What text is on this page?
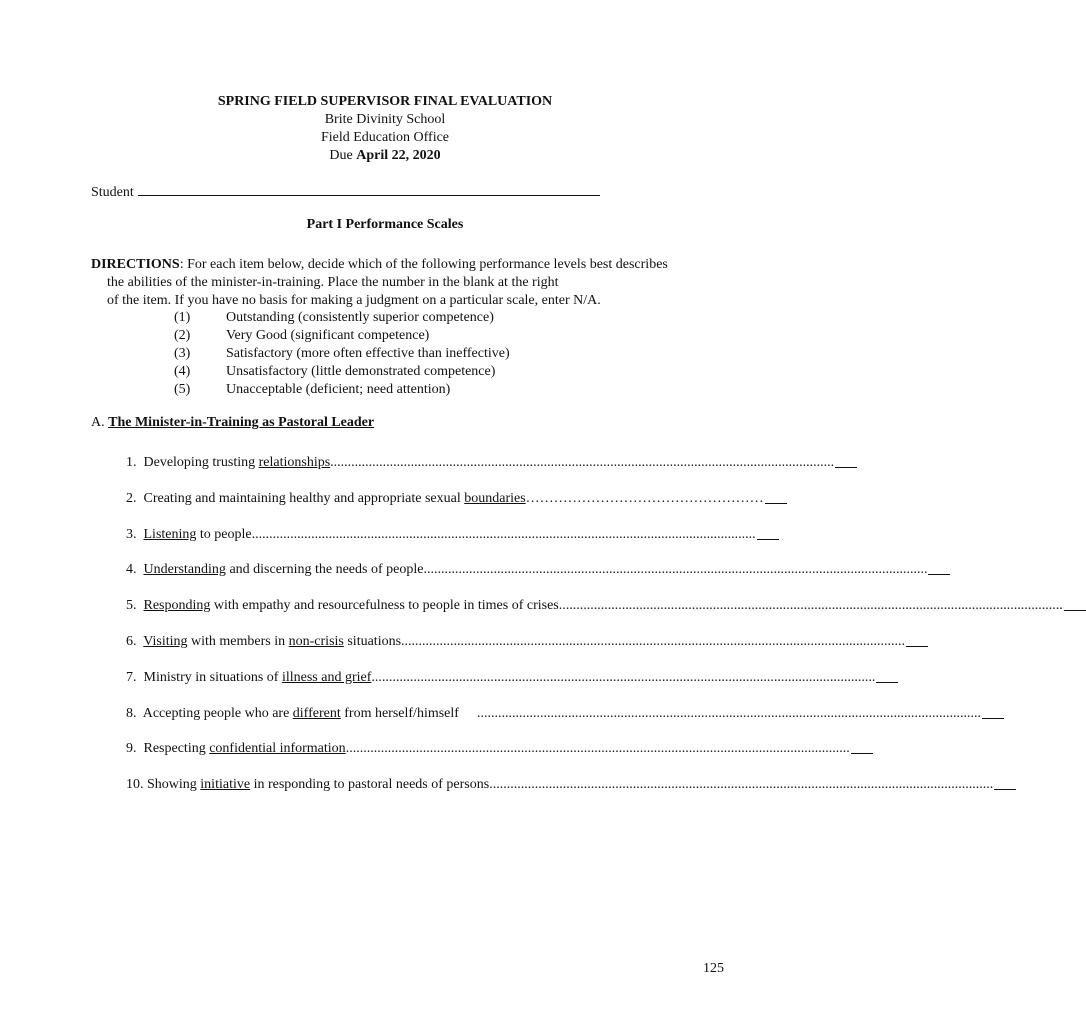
SPRING FIELD SUPERVISOR FINAL EVALUATION
Brite Divinity School
Field Education Office
Due April 22, 2020
Student
Part I Performance Scales
DIRECTIONS: For each item below, decide which of the following performance levels best describes
the abilities of the minister-in-training. Place the number in the blank at the right
of the item. If you have no basis for making a judgment on a particular scale, enter N/A.
(1)	Outstanding (consistently superior competence)
(2)	Very Good (significant competence)
(3)	Satisfactory (more often effective than ineffective)
(4)	Unsatisfactory (little demonstrated competence)
(5)	Unacceptable (deficient; need attention)
A. The Minister-in-Training as Pastoral Leader
1. Developing trusting relationships ................................................................................................................................................
2. Creating and maintaining healthy and appropriate sexual boundaries ……………………………………………
3. Listening to people ................................................................................................................................................
4. Understanding and discerning the needs of people ................................................................................................................................................
5. Responding with empathy and resourcefulness to people in times of crises ................................................................................................................................................
6. Visiting with members in non-crisis situations ................................................................................................................................................
7. Ministry in situations of illness and grief ................................................................................................................................................
8. Accepting people who are different from herself/himself	................................................................................................................................................
9. Respecting confidential information ................................................................................................................................................
10. Showing initiative in responding to pastoral needs of persons ................................................................................................................................................
125
